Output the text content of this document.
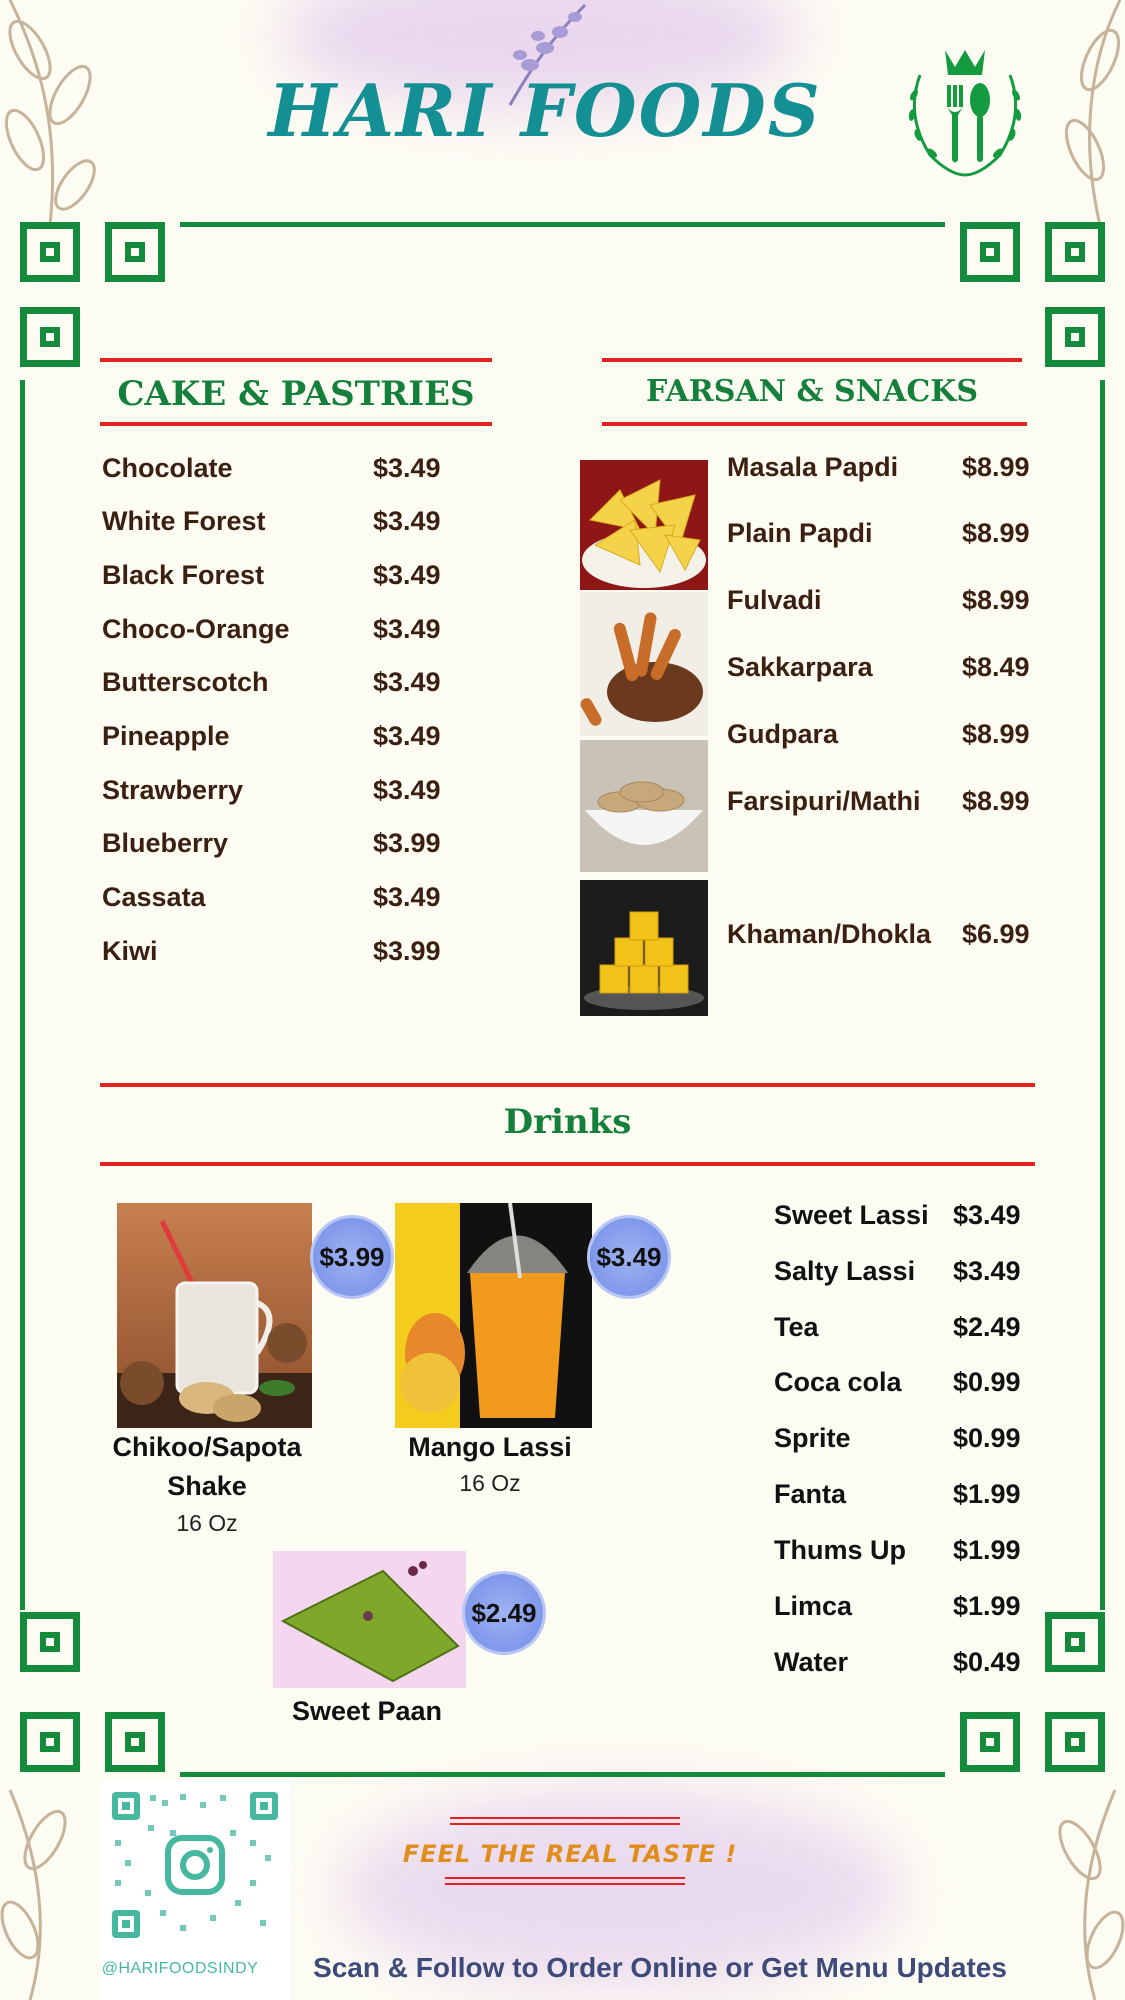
HARI FOODS
CAKE & PASTRIES
Chocolate	$3.49
White Forest	$3.49
Black Forest	$3.49
Choco-Orange	$3.49
Butterscotch	$3.49
Pineapple	$3.49
Strawberry	$3.49
Blueberry	$3.99
Cassata	$3.49
Kiwi	$3.99
FARSAN & SNACKS
Masala Papdi $8.99
Plain Papdi	$8.99
Fulvadi	$8.99
Sakkarpara	$8.49
Gudpara	$8.99
Farsipuri/Mathi $8.99
Khaman/Dhokla $6.99
Drinks
$3.99
Chikoo/Sapota Shake
16 Oz
$3.49
Mango Lassi
16 Oz
$2.49
Sweet Paan
Sweet Lassi $3.49
Salty Lassi $3.49
Tea	$2.49
Coca cola $0.99
Sprite	$0.99
Fanta	$1.99
Thums Up $1.99
Limca	$1.99
Water	$0.49
@HARIFOODSINDY
FEEL THE REAL TASTE !
Scan & Follow to Order Online or Get Menu Updates
